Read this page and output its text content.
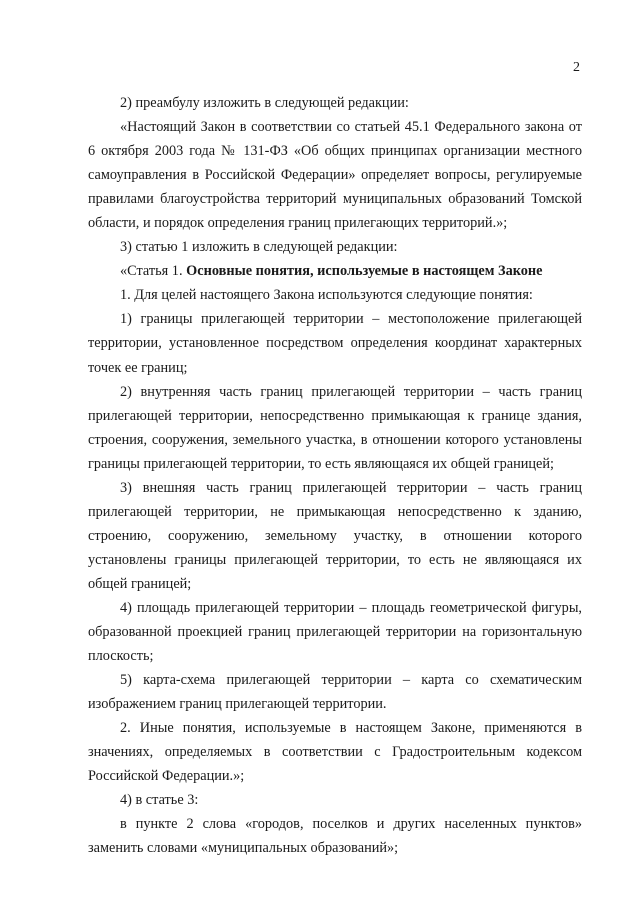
2

2) преамбулу изложить в следующей редакции:

«Настоящий Закон в соответствии со статьей 45.1 Федерального закона от 6 октября 2003 года № 131-ФЗ «Об общих принципах организации местного самоуправления в Российской Федерации» определяет вопросы, регулируемые правилами благоустройства территорий муниципальных образований Томской области, и порядок определения границ прилегающих территорий.»;

3) статью 1 изложить в следующей редакции:

«Статья 1. Основные понятия, используемые в настоящем Законе

1. Для целей настоящего Закона используются следующие понятия:

1) границы прилегающей территории – местоположение прилегающей территории, установленное посредством определения координат характерных точек ее границ;

2) внутренняя часть границ прилегающей территории – часть границ прилегающей территории, непосредственно примыкающая к границе здания, строения, сооружения, земельного участка, в отношении которого установлены границы прилегающей территории, то есть являющаяся их общей границей;

3) внешняя часть границ прилегающей территории – часть границ прилегающей территории, не примыкающая непосредственно к зданию, строению, сооружению, земельному участку, в отношении которого установлены границы прилегающей территории, то есть не являющаяся их общей границей;

4) площадь прилегающей территории – площадь геометрической фигуры, образованной проекцией границ прилегающей территории на горизонтальную плоскость;

5) карта-схема прилегающей территории – карта со схематическим изображением границ прилегающей территории.

2. Иные понятия, используемые в настоящем Законе, применяются в значениях, определяемых в соответствии с Градостроительным кодексом Российской Федерации.»;

4) в статье 3:

в пункте 2 слова «городов, поселков и других населенных пунктов» заменить словами «муниципальных образований»;
